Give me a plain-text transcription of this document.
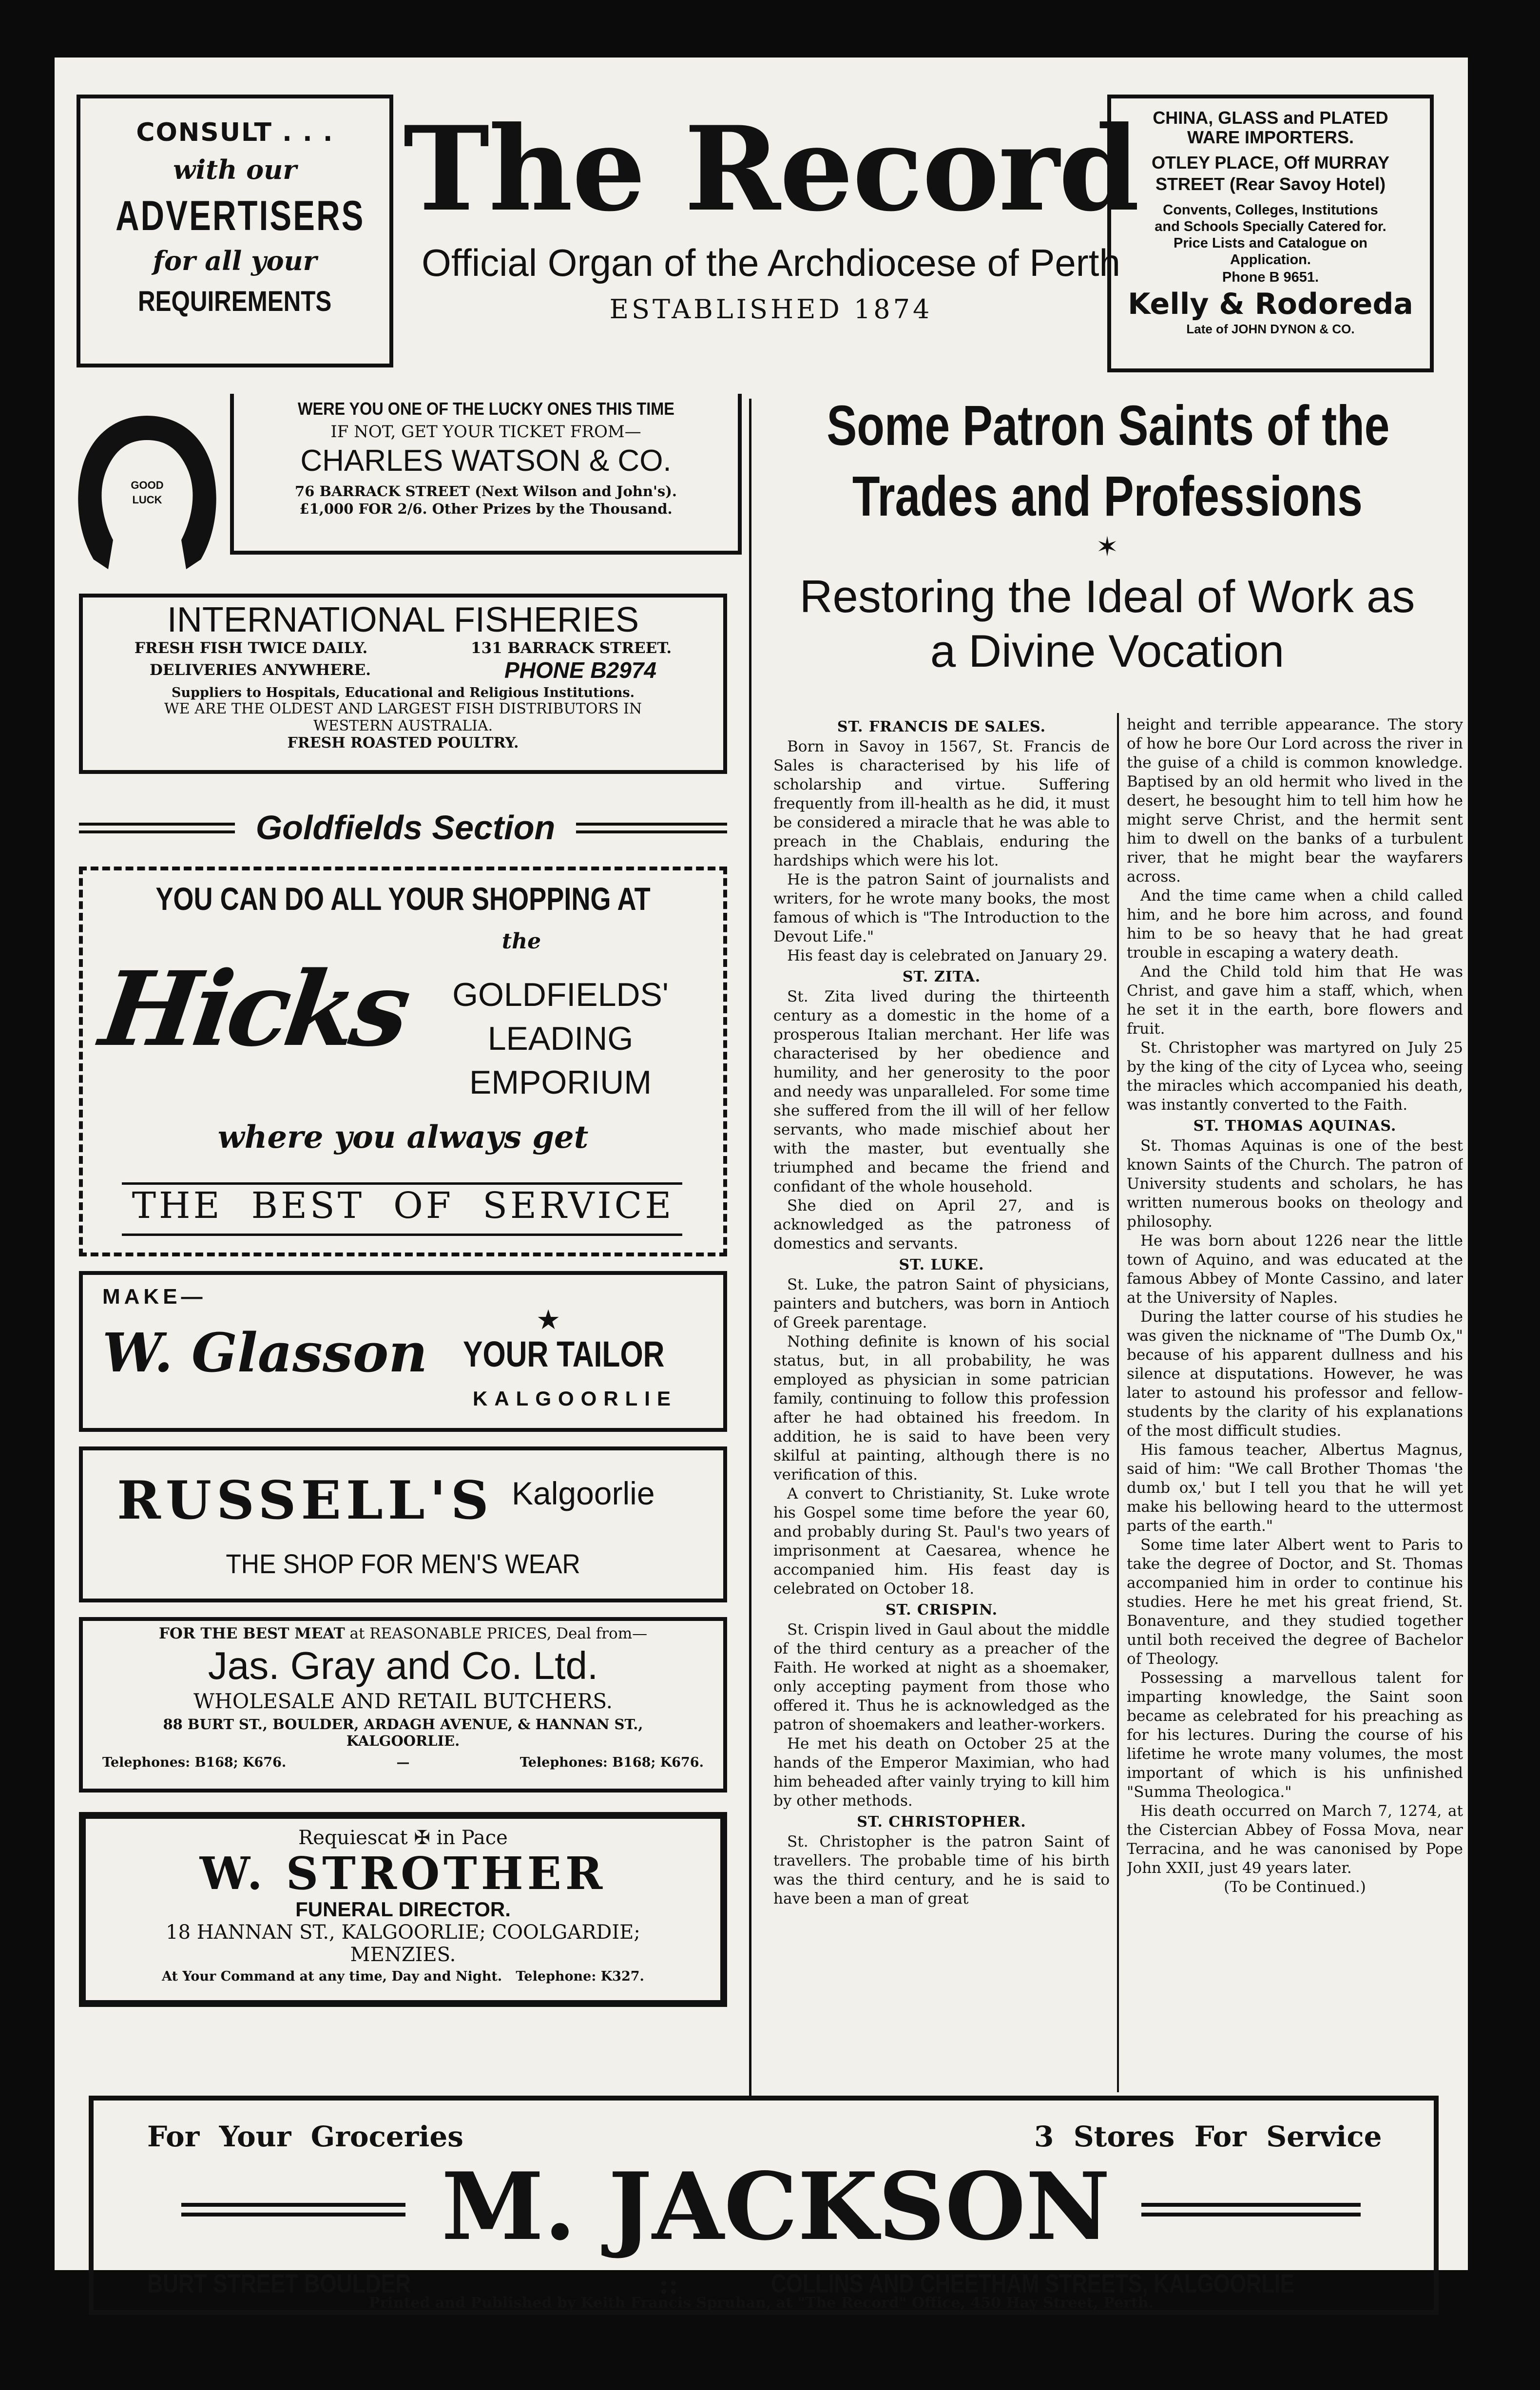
CONSULT . . .
with our
ADVERTISERS
for all your
REQUIREMENTS
The Record
Official Organ of the Archdiocese of Perth
ESTABLISHED 1874
CHINA, GLASS and PLATED
WARE IMPORTERS.
OTLEY PLACE, Off MURRAY
STREET (Rear Savoy Hotel)
Convents, Colleges, Institutions
and Schools Specially Catered for.
Price Lists and Catalogue on
Application.
Phone B 9651.
Kelly & Rodoreda
Late of JOHN DYNON & CO.
GOOD
LUCK
WERE YOU ONE OF THE LUCKY ONES THIS TIME
IF NOT, GET YOUR TICKET FROM—
CHARLES WATSON & CO.
76 BARRACK STREET (Next Wilson and John's).
£1,000 FOR 2/6. Other Prizes by the Thousand.
INTERNATIONAL FISHERIES
FRESH FISH TWICE DAILY.	131 BARRACK STREET.
DELIVERIES ANYWHERE.	PHONE B2974
Suppliers to Hospitals, Educational and Religious Institutions.
WE ARE THE OLDEST AND LARGEST FISH DISTRIBUTORS IN
WESTERN AUSTRALIA.
FRESH ROASTED POULTRY.
Goldfields Section
YOU CAN DO ALL YOUR SHOPPING AT
the
Hicks	GOLDFIELDS'
LEADING
EMPORIUM
where you always get
THE  BEST  OF  SERVICE
MAKE—
W. Glasson
★
YOUR TAILOR
KALGOORLIE
RUSSELL'S Kalgoorlie
THE SHOP FOR MEN'S WEAR
FOR THE BEST MEAT at REASONABLE PRICES, Deal from—
Jas. Gray and Co. Ltd.
WHOLESALE AND RETAIL BUTCHERS.
88 BURT ST., BOULDER, ARDAGH AVENUE, & HANNAN ST.,
KALGOORLIE.
Telephones: B168; K676.	—	Telephones: B168; K676.
Requiescat ✠ in Pace
W. STROTHER
FUNERAL DIRECTOR.
18 HANNAN ST., KALGOORLIE; COOLGARDIE;
MENZIES.
At Your Command at any time, Day and Night.   Telephone: K327.
Some Patron Saints of the Trades and Professions
✶
Restoring the Ideal of Work as
a Divine Vocation
ST. FRANCIS DE SALES.

Born in Savoy in 1567, St. Francis de Sales is characterised by his life of scholarship and virtue. Suffering frequently from ill-health as he did, it must be considered a miracle that he was able to preach in the Chablais, enduring the hardships which were his lot.

He is the patron Saint of journalists and writers, for he wrote many books, the most famous of which is "The Introduction to the Devout Life."

His feast day is celebrated on January 29.

ST. ZITA.

St. Zita lived during the thirteenth century as a domestic in the home of a prosperous Italian merchant. Her life was characterised by her obedience and humility, and her generosity to the poor and needy was unparalleled. For some time she suffered from the ill will of her fellow servants, who made mischief about her with the master, but eventually she triumphed and became the friend and confidant of the whole household.

She died on April 27, and is acknowledged as the patroness of domestics and servants.

ST. LUKE.

St. Luke, the patron Saint of physicians, painters and butchers, was born in Antioch of Greek parentage.

Nothing definite is known of his social status, but, in all probability, he was employed as physician in some patrician family, continuing to follow this profession after he had obtained his freedom. In addition, he is said to have been very skilful at painting, although there is no verification of this.

A convert to Christianity, St. Luke wrote his Gospel some time before the year 60, and probably during St. Paul's two years of imprisonment at Caesarea, whence he accompanied him. His feast day is celebrated on October 18.

ST. CRISPIN.

St. Crispin lived in Gaul about the middle of the third century as a preacher of the Faith. He worked at night as a shoemaker, only accepting payment from those who offered it. Thus he is acknowledged as the patron of shoemakers and leather-workers.

He met his death on October 25 at the hands of the Emperor Maximian, who had him beheaded after vainly trying to kill him by other methods.

ST. CHRISTOPHER.

St. Christopher is the patron Saint of travellers. The probable time of his birth was the third century, and he is said to have been a man of great

height and terrible appearance. The story of how he bore Our Lord across the river in the guise of a child is common knowledge. Baptised by an old hermit who lived in the desert, he besought him to tell him how he might serve Christ, and the hermit sent him to dwell on the banks of a turbulent river, that he might bear the wayfarers across.

And the time came when a child called him, and he bore him across, and found him to be so heavy that he had great trouble in escaping a watery death.

And the Child told him that He was Christ, and gave him a staff, which, when he set it in the earth, bore flowers and fruit.

St. Christopher was martyred on July 25 by the king of the city of Lycea who, seeing the miracles which accompanied his death, was instantly converted to the Faith.

ST. THOMAS AQUINAS.

St. Thomas Aquinas is one of the best known Saints of the Church. The patron of University students and scholars, he has written numerous books on theology and philosophy.

He was born about 1226 near the little town of Aquino, and was educated at the famous Abbey of Monte Cassino, and later at the University of Naples.

During the latter course of his studies he was given the nickname of "The Dumb Ox," because of his apparent dullness and his silence at disputations. However, he was later to astound his professor and fellow-students by the clarity of his explanations of the most difficult studies.

His famous teacher, Albertus Magnus, said of him: "We call Brother Thomas 'the dumb ox,' but I tell you that he will yet make his bellowing heard to the uttermost parts of the earth."

Some time later Albert went to Paris to take the degree of Doctor, and St. Thomas accompanied him in order to continue his studies. Here he met his great friend, St. Bonaventure, and they studied together until both received the degree of Bachelor of Theology.

Possessing a marvellous talent for imparting knowledge, the Saint soon became as celebrated for his preaching as for his lectures. During the course of his lifetime he wrote many volumes, the most important of which is his unfinished "Summa Theologica."

His death occurred on March 7, 1274, at the Cistercian Abbey of Fossa Mova, near Terracina, and he was canonised by Pope John XXII, just 49 years later.

(To be Continued.)

For  Your  Groceries	3  Stores  For  Service
M. JACKSON
BURT STREET BOULDER	::	COLLINS AND CHEETHAM STREETS, KALGOORLIE
Printed and Published by Keith Francis Spruhan, at "The Record" Office, 450 Hay Street, Perth.
